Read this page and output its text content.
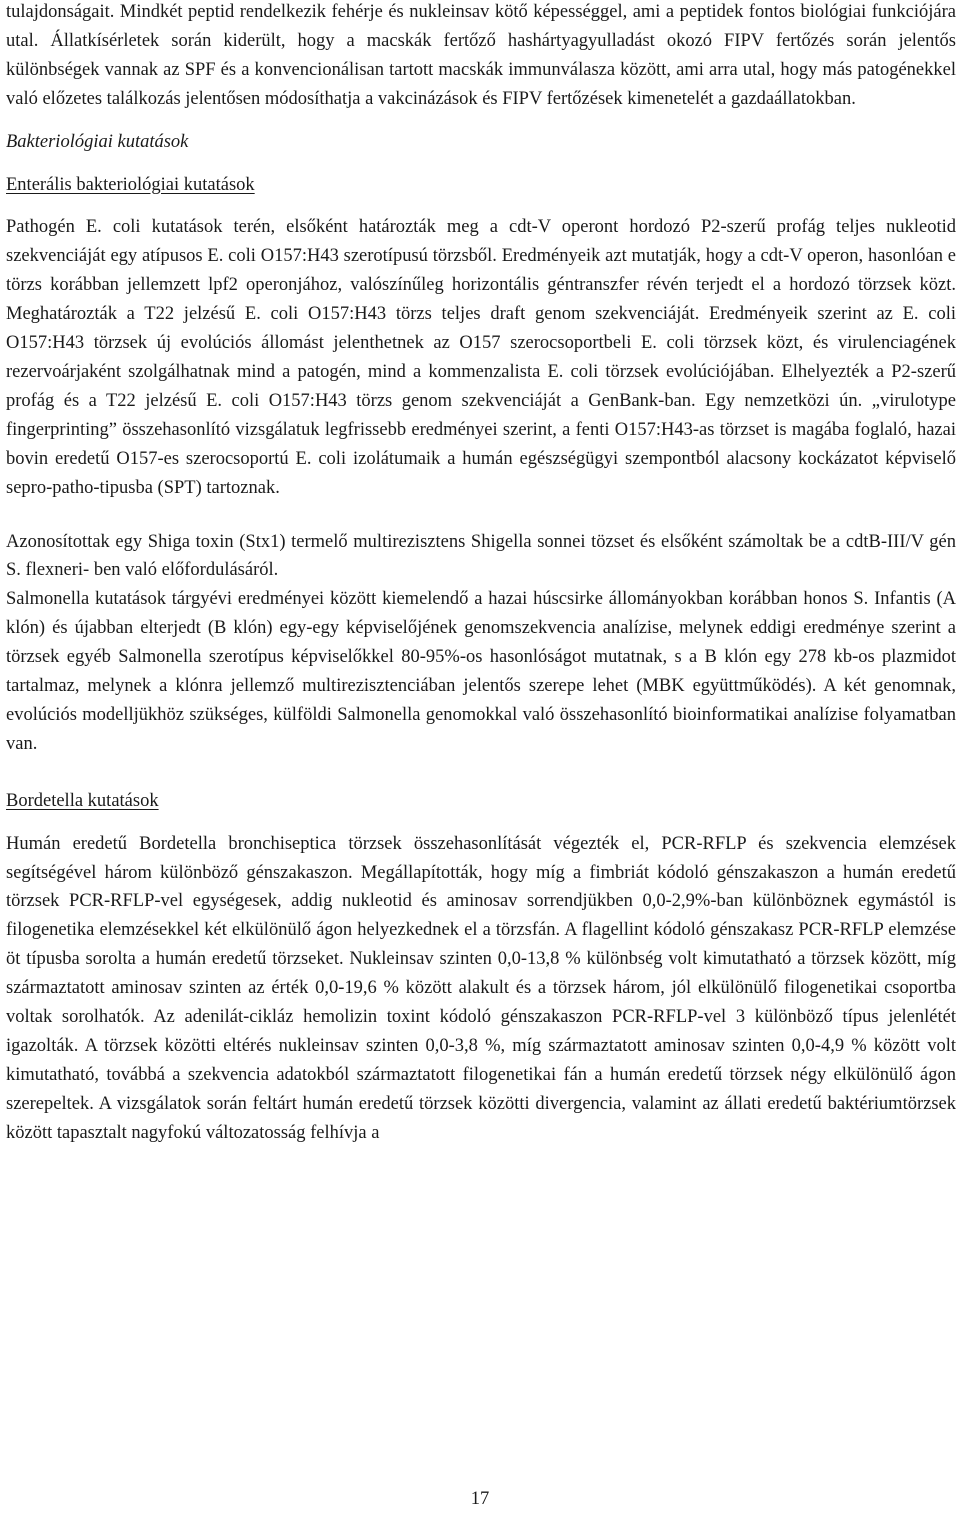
tulajdonságait. Mindkét peptid rendelkezik fehérje és nukleinsav kötő képességgel, ami a peptidek fontos biológiai funkciójára utal. Állatkísérletek során kiderült, hogy a macskák fertőző hashártyagyulladást okozó FIPV fertőzés során jelentős különbségek vannak az SPF és a konvencionálisan tartott macskák immunválasza között, ami arra utal, hogy más patogénekkel való előzetes találkozás jelentősen módosíthatja a vakcinázások és FIPV fertőzések kimenetelét a gazdaállatokban.

Bakteriológiai kutatások
Enterális bakteriológiai kutatások

Pathogén E. coli kutatások terén, elsőként határozták meg a cdt-V operont hordozó P2-szerű profág teljes nukleotid szekvenciáját egy atípusos E. coli O157:H43 szerotípusú törzsből. Eredményeik azt mutatják, hogy a cdt-V operon, hasonlóan e törzs korábban jellemzett lpf2 operonjához, valószínűleg horizontális géntranszfer révén terjedt el a hordozó törzsek közt. Meghatározták a T22 jelzésű E. coli O157:H43 törzs teljes draft genom szekvenciáját. Eredményeik szerint az E. coli O157:H43 törzsek új evolúciós állomást jelenthetnek az O157 szerocsoportbeli E. coli törzsek közt, és virulenciagének rezervoárjaként szolgálhatnak mind a patogén, mind a kommenzalista E. coli törzsek evolúciójában. Elhelyezték a P2-szerű profág és a T22 jelzésű E. coli O157:H43 törzs genom szekvenciáját a GenBank-ban. Egy nemzetközi ún. „virulotype fingerprinting” összehasonlító vizsgálatuk legfrissebb eredményei szerint, a fenti O157:H43-as törzset is magába foglaló, hazai bovin eredetű O157-es szerocsoportú E. coli izolátumaik a humán egészségügyi szempontból alacsony kockázatot képviselő sepro-patho-tipusba (SPT) tartoznak.

Azonosítottak egy Shiga toxin (Stx1) termelő multirezisztens Shigella sonnei tözset és elsőként számoltak be a cdtB-III/V gén S. flexneri- ben való előfordulásáról.

Salmonella kutatások tárgyévi eredményei között kiemelendő a hazai húscsirke állományokban korábban honos S. Infantis (A klón) és újabban elterjedt (B klón) egy-egy képviselőjének genomszekvencia analízise, melynek eddigi eredménye szerint a törzsek egyéb Salmonella szerotípus képviselőkkel 80-95%-os hasonlóságot mutatnak, s a B klón egy 278 kb-os plazmidot tartalmaz, melynek a klónra jellemző multirezisztenciában jelentős szerepe lehet (MBK együttműködés). A két genomnak, evolúciós modelljükhöz szükséges, külföldi Salmonella genomokkal való összehasonlító bioinformatikai analízise folyamatban van.

Bordetella kutatások

Humán eredetű Bordetella bronchiseptica törzsek összehasonlítását végezték el, PCR-RFLP és szekvencia elemzések segítségével három különböző génszakaszon. Megállapították, hogy míg a fimbriát kódoló génszakaszon a humán eredetű törzsek PCR-RFLP-vel egységesek, addig nukleotid és aminosav sorrendjükben 0,0-2,9%-ban különböznek egymástól is filogenetika elemzésekkel két elkülönülő ágon helyezkednek el a törzsfán. A flagellint kódoló génszakasz PCR-RFLP elemzése öt típusba sorolta a humán eredetű törzseket. Nukleinsav szinten 0,0-13,8 % különbség volt kimutatható a törzsek között, míg származtatott aminosav szinten az érték 0,0-19,6 % között alakult és a törzsek három, jól elkülönülő filogenetikai csoportba voltak sorolhatók. Az adenilát-cikláz hemolizin toxint kódoló génszakaszon PCR-RFLP-vel 3 különböző típus jelenlétét igazolták. A törzsek közötti eltérés nukleinsav szinten 0,0-3,8 %, míg származtatott aminosav szinten 0,0-4,9 % között volt kimutatható, továbbá a szekvencia adatokból származtatott filogenetikai fán a humán eredetű törzsek négy elkülönülő ágon szerepeltek. A vizsgálatok során feltárt humán eredetű törzsek közötti divergencia, valamint az állati eredetű baktériumtörzsek között tapasztalt nagyfokú változatosság felhívja a

17
